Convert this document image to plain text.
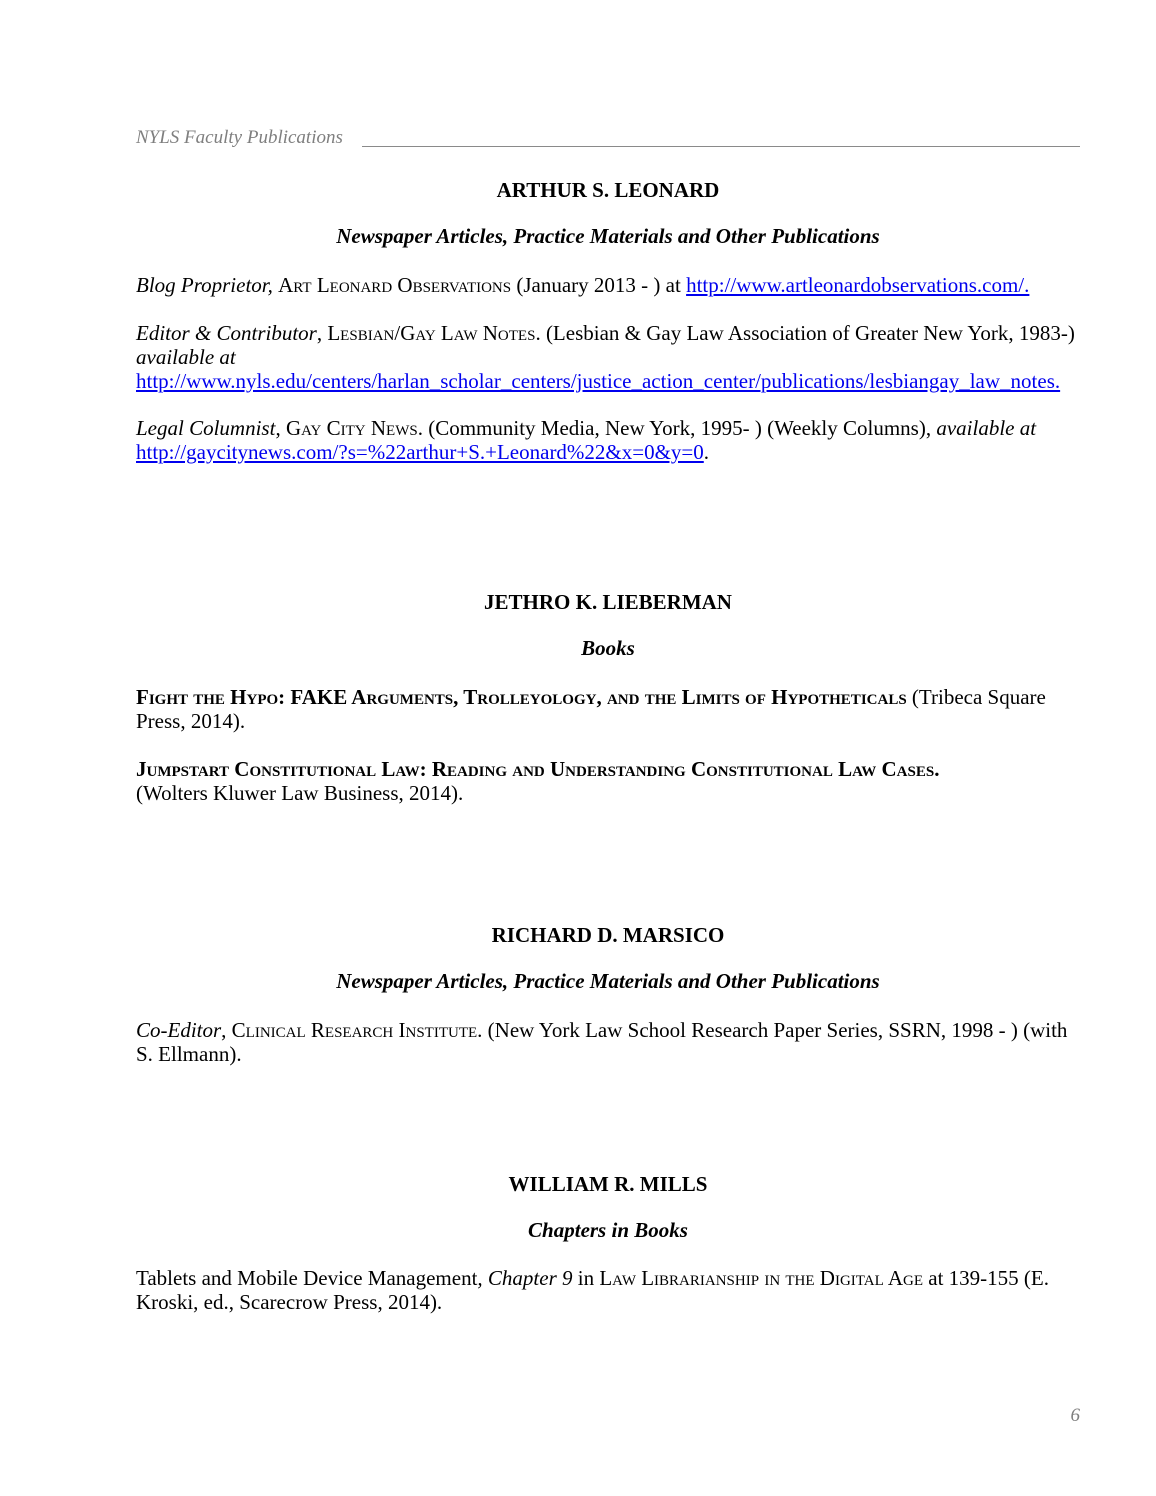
NYLS Faculty Publications
ARTHUR S. LEONARD
Newspaper Articles, Practice Materials and Other Publications

Blog Proprietor, Art Leonard Observations (January 2013 - ) at http://www.artleonardobservations.com/.

Editor & Contributor, Lesbian/Gay Law Notes. (Lesbian & Gay Law Association of Greater New York, 1983-) available at
http://www.nyls.edu/centers/harlan_scholar_centers/justice_action_center/publications/lesbiangay_law_notes.

Legal Columnist, Gay City News. (Community Media, New York, 1995- ) (Weekly Columns), available at
http://gaycitynews.com/?s=%22arthur+S.+Leonard%22&x=0&y=0.

JETHRO K. LIEBERMAN
Books

Fight the Hypo: FAKE Arguments, Trolleyology, and the Limits of Hypotheticals (Tribeca Square Press, 2014).

Jumpstart Constitutional Law: Reading and Understanding Constitutional Law Cases.
(Wolters Kluwer Law Business, 2014).

RICHARD D. MARSICO
Newspaper Articles, Practice Materials and Other Publications

Co-Editor, Clinical Research Institute. (New York Law School Research Paper Series, SSRN, 1998 - ) (with S. Ellmann).

WILLIAM R. MILLS
Chapters in Books

Tablets and Mobile Device Management, Chapter 9 in Law Librarianship in the Digital Age at 139-155 (E. Kroski, ed., Scarecrow Press, 2014).

6
